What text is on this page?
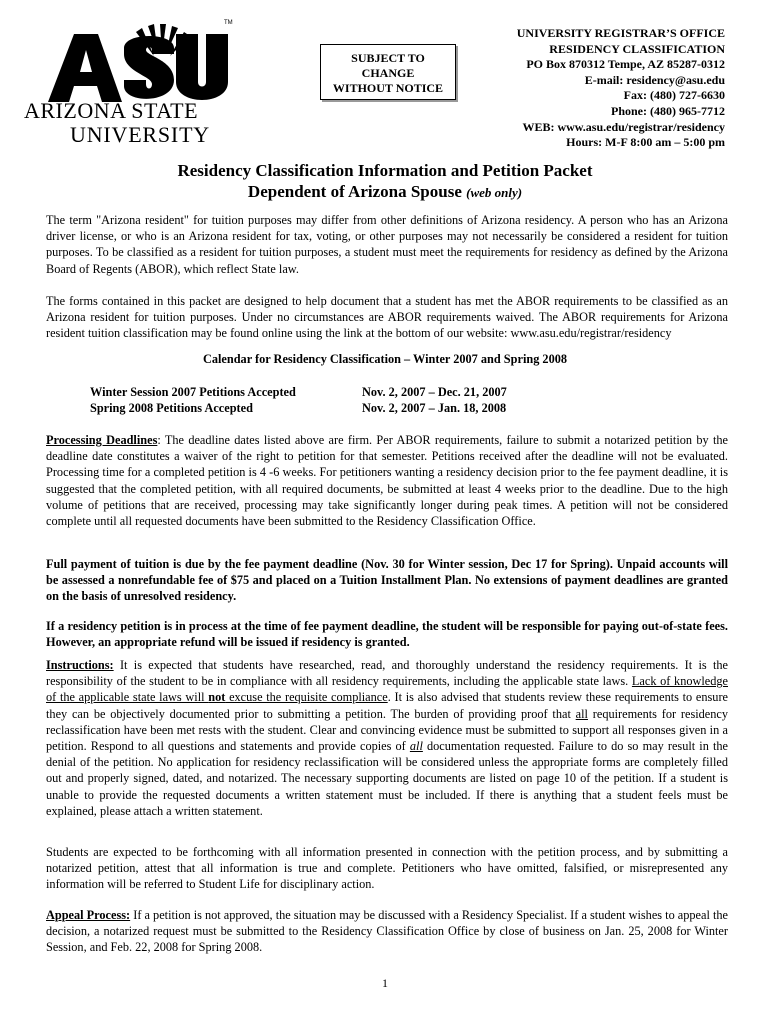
TM
ARIZONA STATE
UNIVERSITY
SUBJECT TO
CHANGE
WITHOUT NOTICE
UNIVERSITY REGISTRAR’S OFFICE
RESIDENCY CLASSIFICATION
PO Box 870312 Tempe, AZ 85287-0312
E-mail: residency@asu.edu
Fax: (480) 727-6630
Phone: (480) 965-7712
WEB: www.asu.edu/registrar/residency
Hours: M-F 8:00 am – 5:00 pm
Residency Classification Information and Petition Packet
Dependent of Arizona Spouse (web only)

The term "Arizona resident" for tuition purposes may differ from other definitions of Arizona residency. A person who has an Arizona driver license, or who is an Arizona resident for tax, voting, or other purposes may not necessarily be considered a resident for tuition purposes. To be classified as a resident for tuition purposes, a student must meet the requirements for residency as defined by the Arizona Board of Regents (ABOR), which reflect State law.

The forms contained in this packet are designed to help document that a student has met the ABOR requirements to be classified as an Arizona resident for tuition purposes. Under no circumstances are ABOR requirements waived. The ABOR requirements for Arizona resident tuition classification may be found online using the link at the bottom of our website: www.asu.edu/registrar/residency

Calendar for Residency Classification – Winter 2007 and Spring 2008
Winter Session 2007 Petitions Accepted	Nov. 2, 2007 – Dec. 21, 2007
Spring 2008 Petitions Accepted	Nov. 2, 2007 – Jan. 18, 2008

Processing Deadlines: The deadline dates listed above are firm. Per ABOR requirements, failure to submit a notarized petition by the deadline date constitutes a waiver of the right to petition for that semester. Petitions received after the deadline will not be evaluated. Processing time for a completed petition is 4 -6 weeks. For petitioners wanting a residency decision prior to the fee payment deadline, it is suggested that the completed petition, with all required documents, be submitted at least 4 weeks prior to the deadline. Due to the high volume of petitions that are received, processing may take significantly longer during peak times. A petition will not be considered complete until all requested documents have been submitted to the Residency Classification Office.

Full payment of tuition is due by the fee payment deadline (Nov. 30 for Winter session, Dec 17 for Spring). Unpaid accounts will be assessed a nonrefundable fee of $75 and placed on a Tuition Installment Plan. No extensions of payment deadlines are granted on the basis of unresolved residency.

If a residency petition is in process at the time of fee payment deadline, the student will be responsible for paying out-of-state fees. However, an appropriate refund will be issued if residency is granted.

Instructions: It is expected that students have researched, read, and thoroughly understand the residency requirements. It is the responsibility of the student to be in compliance with all residency requirements, including the applicable state laws. Lack of knowledge of the applicable state laws will not excuse the requisite compliance. It is also advised that students review these requirements to ensure they can be objectively documented prior to submitting a petition. The burden of providing proof that all requirements for residency reclassification have been met rests with the student. Clear and convincing evidence must be submitted to support all responses given in a petition. Respond to all questions and statements and provide copies of all documentation requested. Failure to do so may result in the denial of the petition. No application for residency reclassification will be considered unless the appropriate forms are completely filled out and properly signed, dated, and notarized. The necessary supporting documents are listed on page 10 of the petition. If a student is unable to provide the requested documents a written statement must be included. If there is anything that a student feels must be explained, please attach a written statement.

Students are expected to be forthcoming with all information presented in connection with the petition process, and by submitting a notarized petition, attest that all information is true and complete. Petitioners who have omitted, falsified, or misrepresented any information will be referred to Student Life for disciplinary action.

Appeal Process: If a petition is not approved, the situation may be discussed with a Residency Specialist. If a student wishes to appeal the decision, a notarized request must be submitted to the Residency Classification Office by close of business on Jan. 25, 2008 for Winter Session, and Feb. 22, 2008 for Spring 2008.

1
